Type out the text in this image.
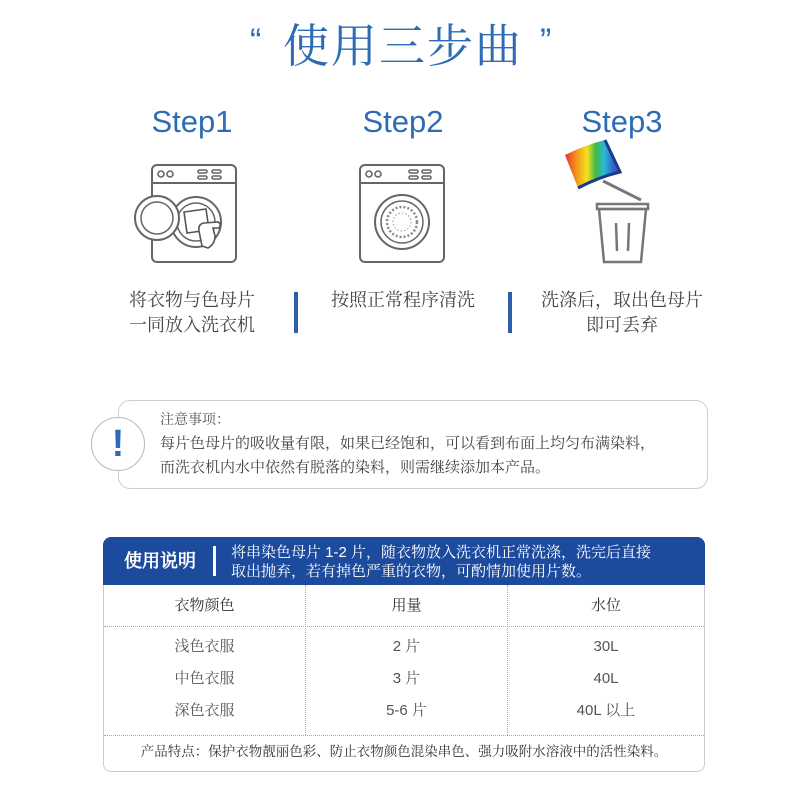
“ 使用三步曲 ”
Step1	Step2	Step3
将衣物与色母片
一同放入洗衣机
按照正常程序清洗	洗涤后，取出色母片
即可丢弃
!
注意事项：
每片色母片的吸收量有限，如果已经饱和，可以看到布面上均匀布满染料，
而洗衣机内水中依然有脱落的染料，则需继续添加本产品。
使用说明 将串染色母片 1-2 片，随衣物放入洗衣机正常洗涤，洗完后直接
取出抛弃，若有掉色严重的衣物，可酌情加使用片数。
衣物颜色	用量	水位
浅色衣服	2 片	30L
中色衣服	3 片	40L
深色衣服	5-6 片	40L 以上
产品特点：保护衣物靓丽色彩、防止衣物颜色混染串色、强力吸附水溶液中的活性染料。
